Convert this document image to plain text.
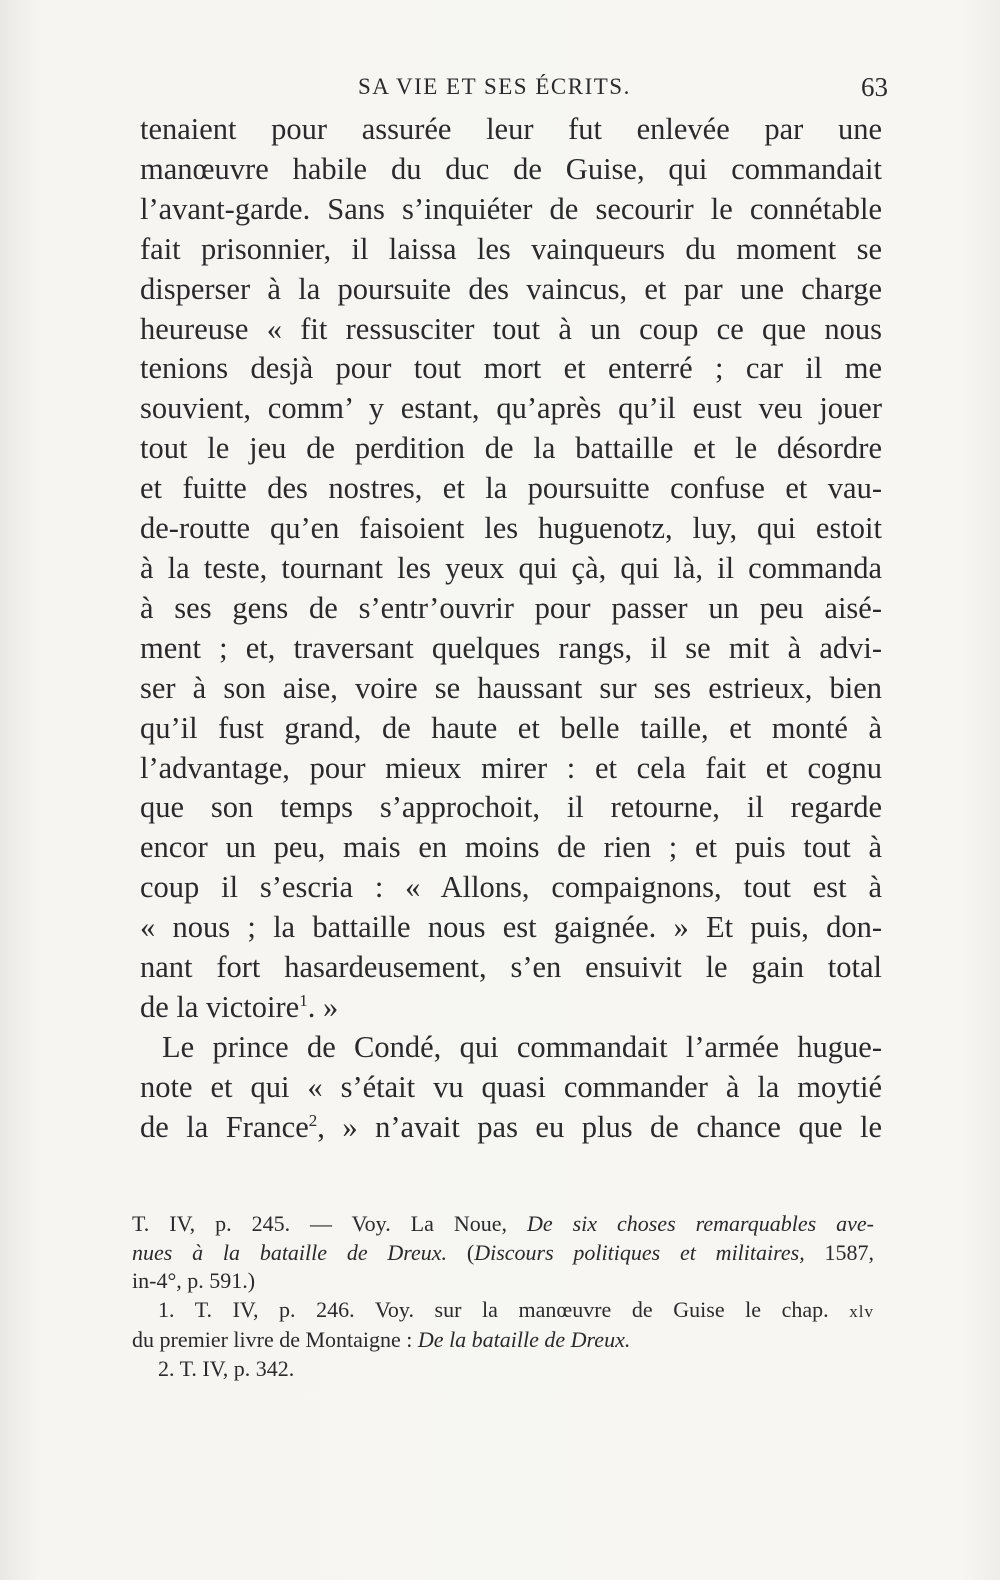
SA VIE ET SES ÉCRITS.	63
tenaient pour assurée leur fut enlevée par une
manœuvre habile du duc de Guise, qui commandait
l’avant-garde. Sans s’inquiéter de secourir le connétable
fait prisonnier, il laissa les vainqueurs du moment se
disperser à la poursuite des vaincus, et par une charge
heureuse « fit ressusciter tout à un coup ce que nous
tenions desjà pour tout mort et enterré ; car il me
souvient, comm’ y estant, qu’après qu’il eust veu jouer
tout le jeu de perdition de la battaille et le désordre
et fuitte des nostres, et la poursuitte confuse et vau-
de-routte qu’en faisoient les huguenotz, luy, qui estoit
à la teste, tournant les yeux qui çà, qui là, il commanda
à ses gens de s’entr’ouvrir pour passer un peu aisé-
ment ; et, traversant quelques rangs, il se mit à advi-
ser à son aise, voire se haussant sur ses estrieux, bien
qu’il fust grand, de haute et belle taille, et monté à
l’advantage, pour mieux mirer : et cela fait et cognu
que son temps s’approchoit, il retourne, il regarde
encor un peu, mais en moins de rien ; et puis tout à
coup il s’escria : « Allons, compaignons, tout est à
« nous ; la battaille nous est gaignée. » Et puis, don-
nant fort hasardeusement, s’en ensuivit le gain total
de la victoire$^1$. »
Le prince de Condé, qui commandait l’armée hugue-
note et qui « s’était vu quasi commander à la moytié
de la France$^2$, » n’avait pas eu plus de chance que le
T. IV, p. 245. — Voy. La Noue, De six choses remarquables ave-
nues à la bataille de Dreux. (Discours politiques et militaires, 1587,
in-4°, p. 591.)
1. T. IV, p. 246. Voy. sur la manœuvre de Guise le chap. xlv
du premier livre de Montaigne : De la bataille de Dreux.
2. T. IV, p. 342.
